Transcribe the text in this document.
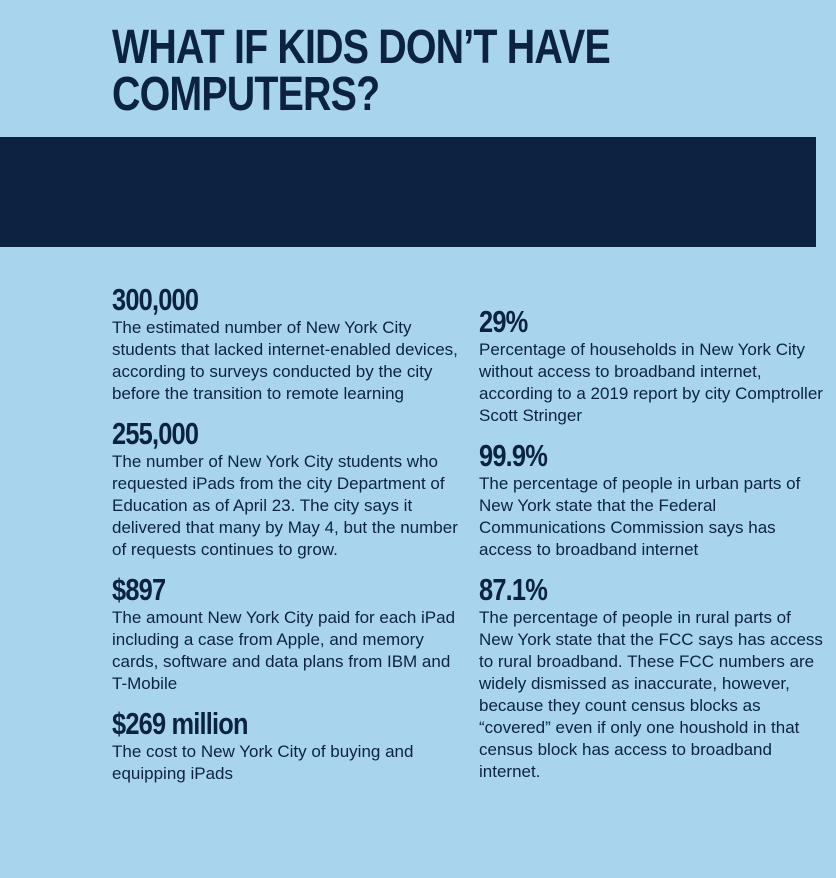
WHAT IF KIDS DON’T HAVE
COMPUTERS?
300,000

The estimated number of New York City students that lacked internet-enabled devices, according to surveys conducted by the city before the transition to remote learning

255,000

The number of New York City students who requested iPads from the city Department of Education as of April 23. The city says it delivered that many by May 4, but the number of requests continues to grow.

$897

The amount New York City paid for each iPad including a case from Apple, and memory cards, software and data plans from IBM and T-Mobile

$269 million

The cost to New York City of buying and equipping iPads

29%

Percentage of households in New York City without access to broadband internet, according to a 2019 report by city Comptroller Scott Stringer

99.9%

The percentage of people in urban parts of New York state that the Federal Communications Commission says has access to broadband internet

87.1%

The percentage of people in rural parts of New York state that the FCC says has access to rural broadband. These FCC numbers are widely dismissed as inaccurate, however, because they count census blocks as “covered” even if only one houshold in that census block has access to broadband internet.
